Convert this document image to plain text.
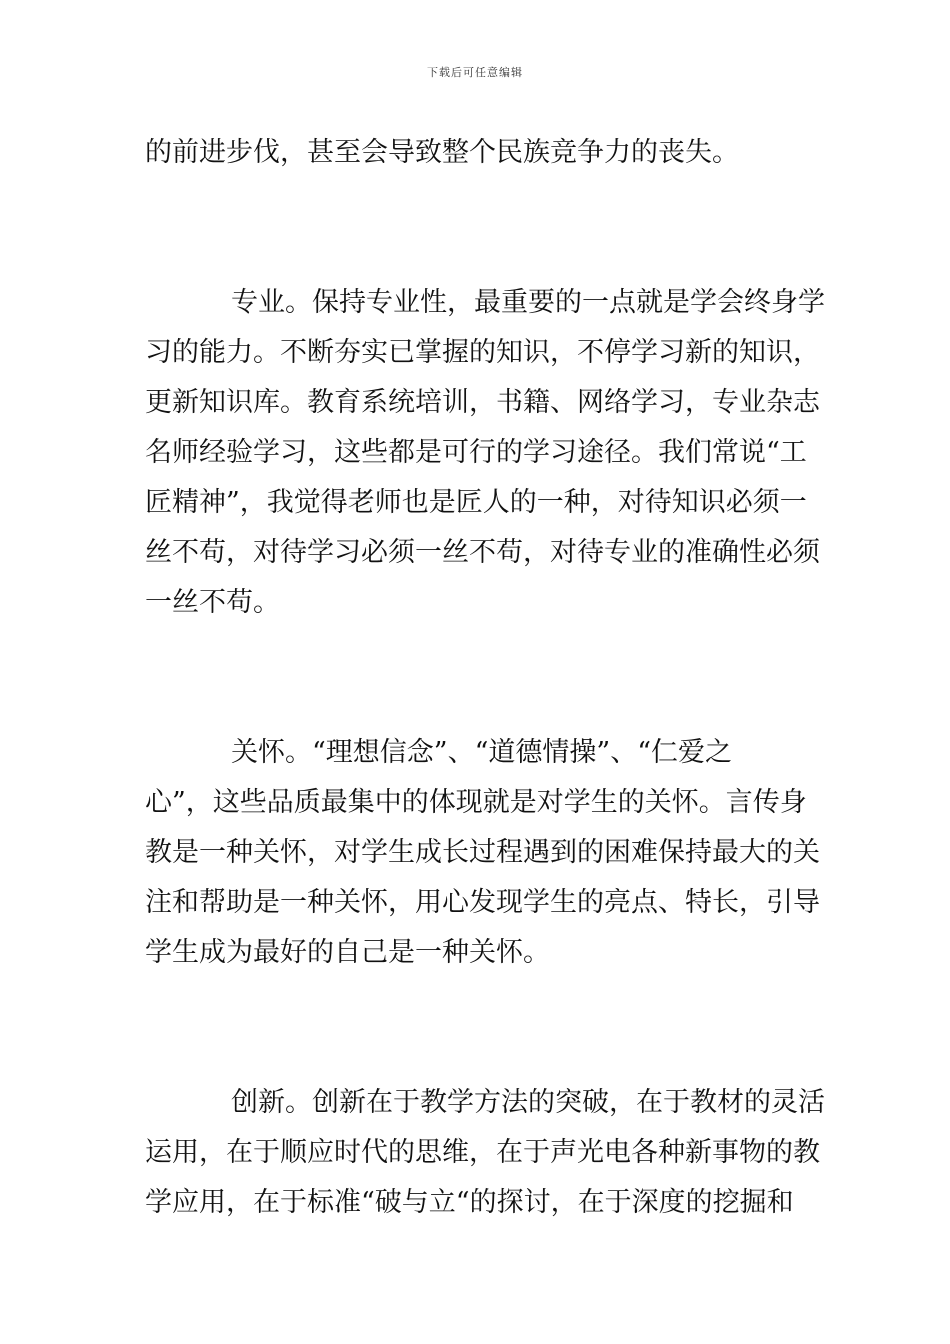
下载后可任意编辑
的前进步伐，甚至会导致整个民族竞争力的丧失。
专业。保持专业性，最重要的一点就是学会终身学
习的能力。不断夯实已掌握的知识，不停学习新的知识，
更新知识库。教育系统培训，书籍、网络学习，专业杂志
名师经验学习，这些都是可行的学习途径。我们常说“工
匠精神”，我觉得老师也是匠人的一种，对待知识必须一
丝不苟，对待学习必须一丝不苟，对待专业的准确性必须
一丝不苟。
关怀。“理想信念”、“道德情操”、“仁爱之
心”，这些品质最集中的体现就是对学生的关怀。言传身
教是一种关怀，对学生成长过程遇到的困难保持最大的关
注和帮助是一种关怀，用心发现学生的亮点、特长，引导
学生成为最好的自己是一种关怀。
创新。创新在于教学方法的突破，在于教材的灵活
运用，在于顺应时代的思维，在于声光电各种新事物的教
学应用，在于标准“破与立“的探讨，在于深度的挖掘和
